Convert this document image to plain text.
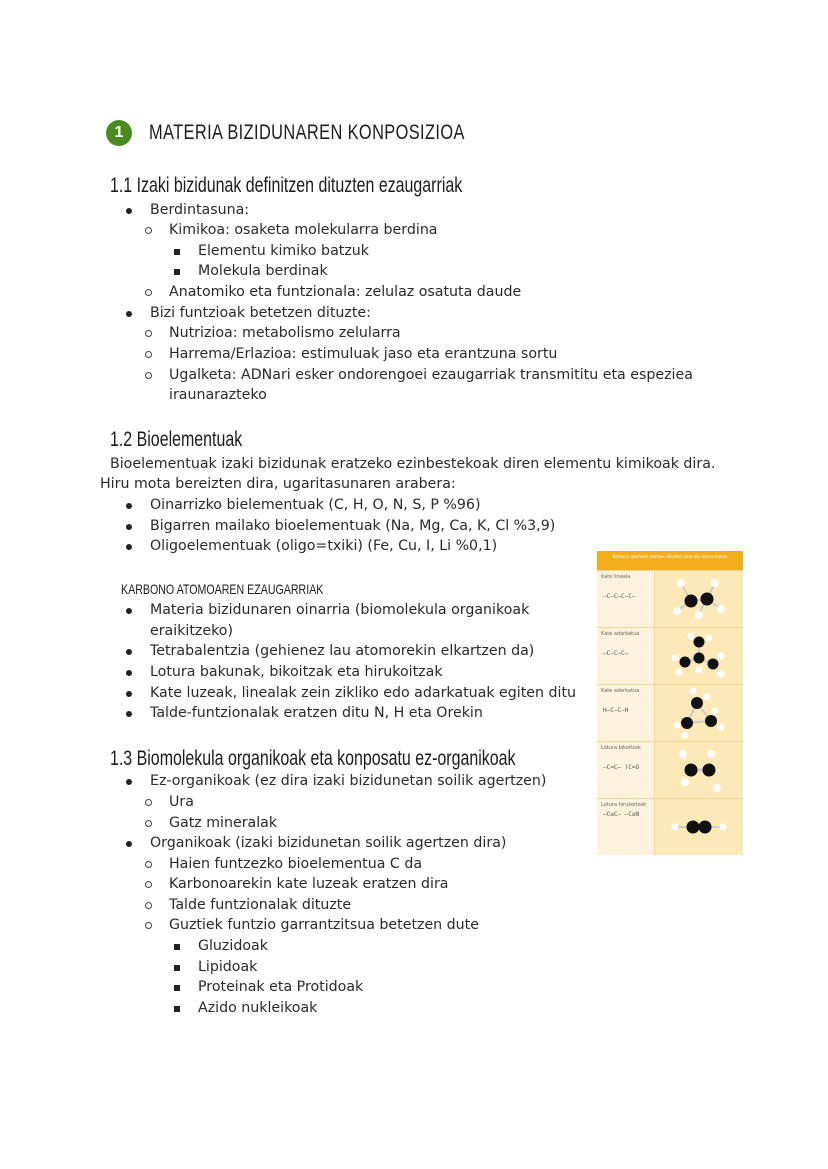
1	MATERIA BIZIDUNAREN KONPOSIZIOA
1.1 Izaki bizidunak definitzen dituzten ezaugarriak
Berdintasuna:
Kimikoa: osaketa molekularra berdina
Elementu kimiko batzuk
Molekula berdinak
Anatomiko eta funtzionala: zelulaz osatuta daude
Bizi funtzioak betetzen dituzte:
Nutrizioa: metabolismo zelularra
Harrema/Erlazioa: estimuluak jaso eta erantzuna sortu
Ugalketa: ADNari esker ondorengoei ezaugarriak transmititu eta espeziea
iraunarazteko
1.2 Bioelementuak
Bioelementuak izaki bizidunak eratzeko ezinbestekoak diren elementu kimikoak dira.
Hiru mota bereizten dira, ugaritasunaren arabera:
Oinarrizko bielementuak (C, H, O, N, S, P %96)
Bigarren mailako bioelementuak (Na, Mg, Ca, K, Cl %3,9)
Oligoelementuak (oligo=txiki) (Fe, Cu, I, Li %0,1)
KARBONO ATOMOAREN EZAUGARRIAK
Materia bizidunaren oinarria (biomolekula organikoak
eraikitzeko)
Tetrabalentzia (gehienez lau atomorekin elkartzen da)
Lotura bakunak, bikoitzak eta hirukoitzak
Kate luzeak, linealak zein zikliko edo adarkatuak egiten ditu
Talde-funtzionalak eratzen ditu N, H eta Orekin
1.3 Biomolekula organikoak eta konposatu ez-organikoak
Ez-organikoak (ez dira izaki bizidunetan soilik agertzen)
Ura
Gatz mineralak
Organikoak (izaki bizidunetan soilik agertzen dira)
Haien funtzezko bioelementua C da
Karbonoarekin kate luzeak eratzen dira
Talde funtzionalak dituzte
Guztiek funtzio garrantzitsua betetzen dute
Gluzidoak
Lipidoak
Proteinak eta Protidoak
Azido nukleikoak
Karbono atomoak osatzen dituzten kate eta lotura motak
Kate lineala
–C–C–C–C–
Kate adarkatua
–C–C–C–
Kate adarkatua
H–C–C–H
Lotura bikoitzak
–C=C– )C=O
Lotura hirukoitzak
–C≡C– –C≡N
